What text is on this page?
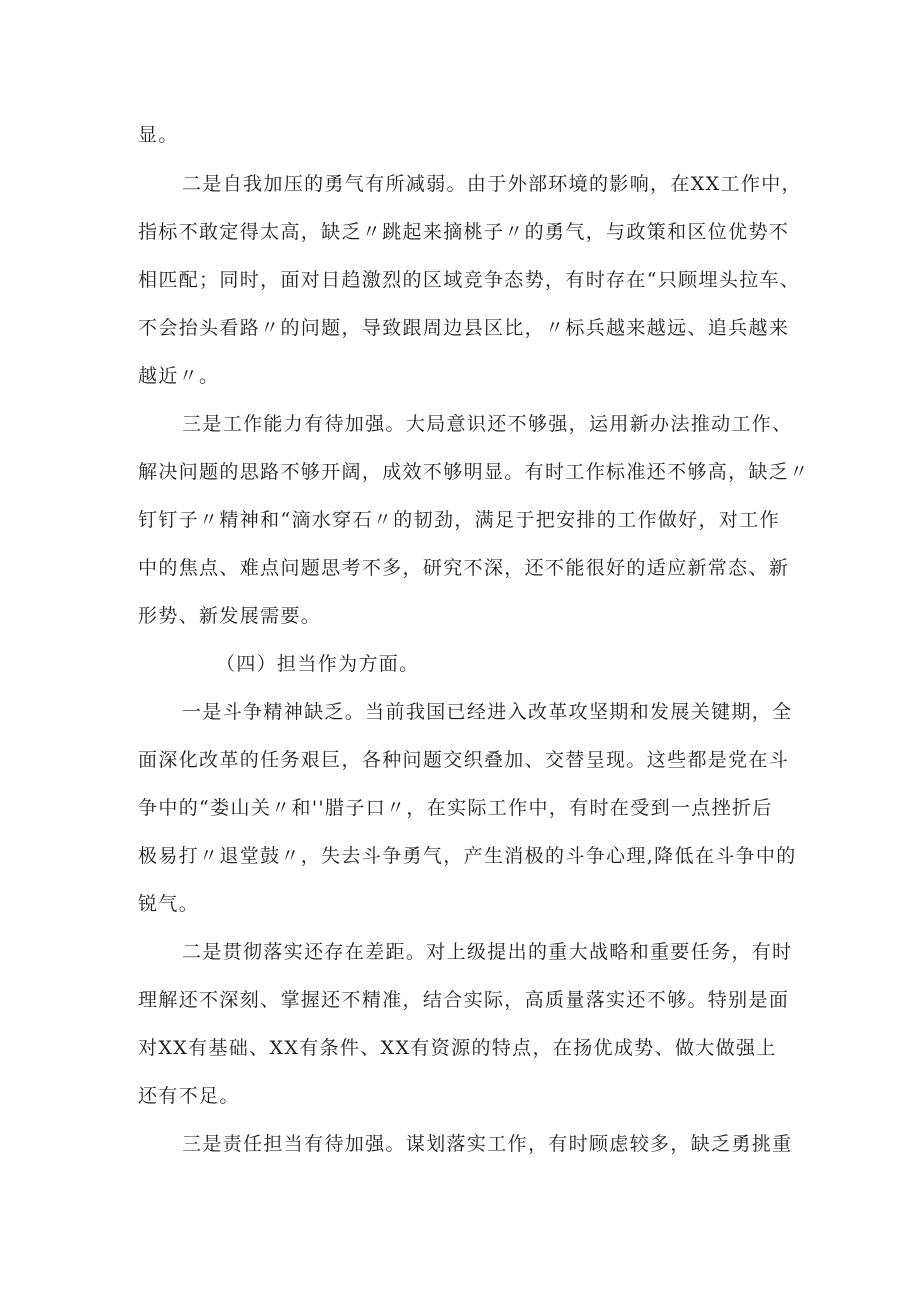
显。
二是自我加压的勇气有所减弱。由于外部环境的影响，在XX工作中，
指标不敢定得太高，缺乏〃跳起来摘桃子〃的勇气，与政策和区位优势不
相匹配；同时，面对日趋激烈的区域竞争态势，有时存在“只顾埋头拉车、
不会抬头看路〃的问题，导致跟周边县区比，〃标兵越来越远、追兵越来
越近〃。
三是工作能力有待加强。大局意识还不够强，运用新办法推动工作、
解决问题的思路不够开阔，成效不够明显。有时工作标准还不够高，缺乏〃
钉钉子〃精神和“滴水穿石〃的韧劲，满足于把安排的工作做好，对工作
中的焦点、难点问题思考不多，研究不深，还不能很好的适应新常态、新
形势、新发展需要。
（四）担当作为方面。
一是斗争精神缺乏。当前我国已经进入改革攻坚期和发展关键期，全
面深化改革的任务艰巨，各种问题交织叠加、交替呈现。这些都是党在斗
争中的“娄山关〃和''腊子口〃，在实际工作中，有时在受到一点挫折后
极易打〃退堂鼓〃，失去斗争勇气，产生消极的斗争心理,降低在斗争中的
锐气。
二是贯彻落实还存在差距。对上级提出的重大战略和重要任务，有时
理解还不深刻、掌握还不精准，结合实际，高质量落实还不够。特别是面
对XX有基础、XX有条件、XX有资源的特点，在扬优成势、做大做强上
还有不足。
三是责任担当有待加强。谋划落实工作，有时顾虑较多，缺乏勇挑重
